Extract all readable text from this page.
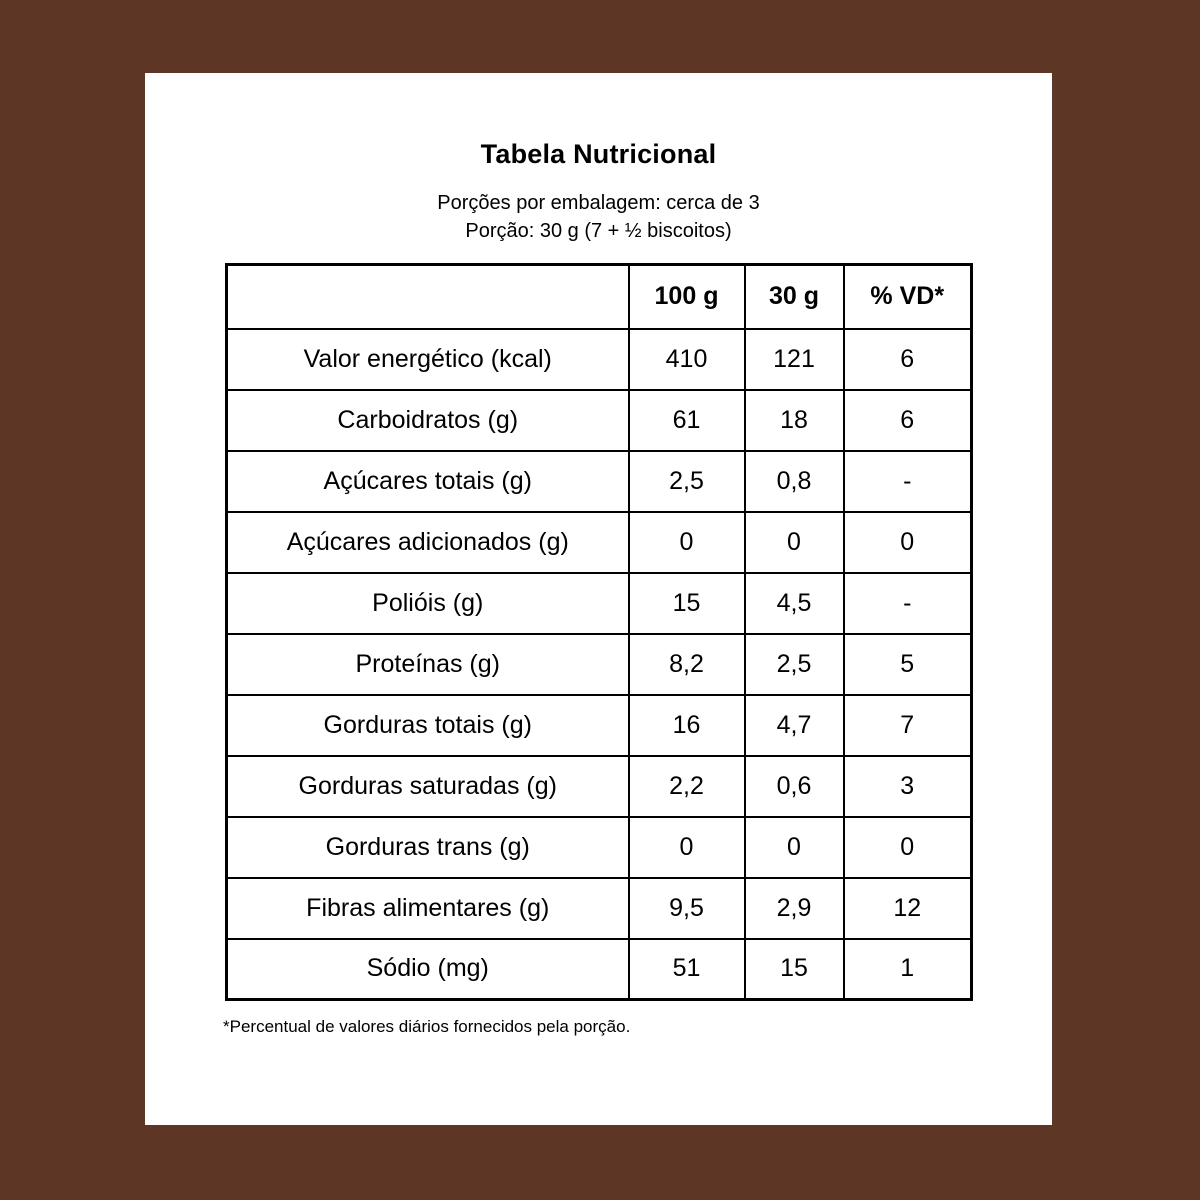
Tabela Nutricional
Porções por embalagem: cerca de 3
Porção: 30 g (7 + ½ biscoitos)
	100 g	30 g	% VD*
Valor energético (kcal)	410	121	6
Carboidratos (g)	61	18	6
Açúcares totais (g)	2,5	0,8	-
Açúcares adicionados (g)	0	0	0
Polióis (g)	15	4,5	-
Proteínas (g)	8,2	2,5	5
Gorduras totais (g)	16	4,7	7
Gorduras saturadas (g)	2,2	0,6	3
Gorduras trans (g)	0	0	0
Fibras alimentares (g)	9,5	2,9	12
Sódio (mg)	51	15	1

*Percentual de valores diários fornecidos pela porção.
